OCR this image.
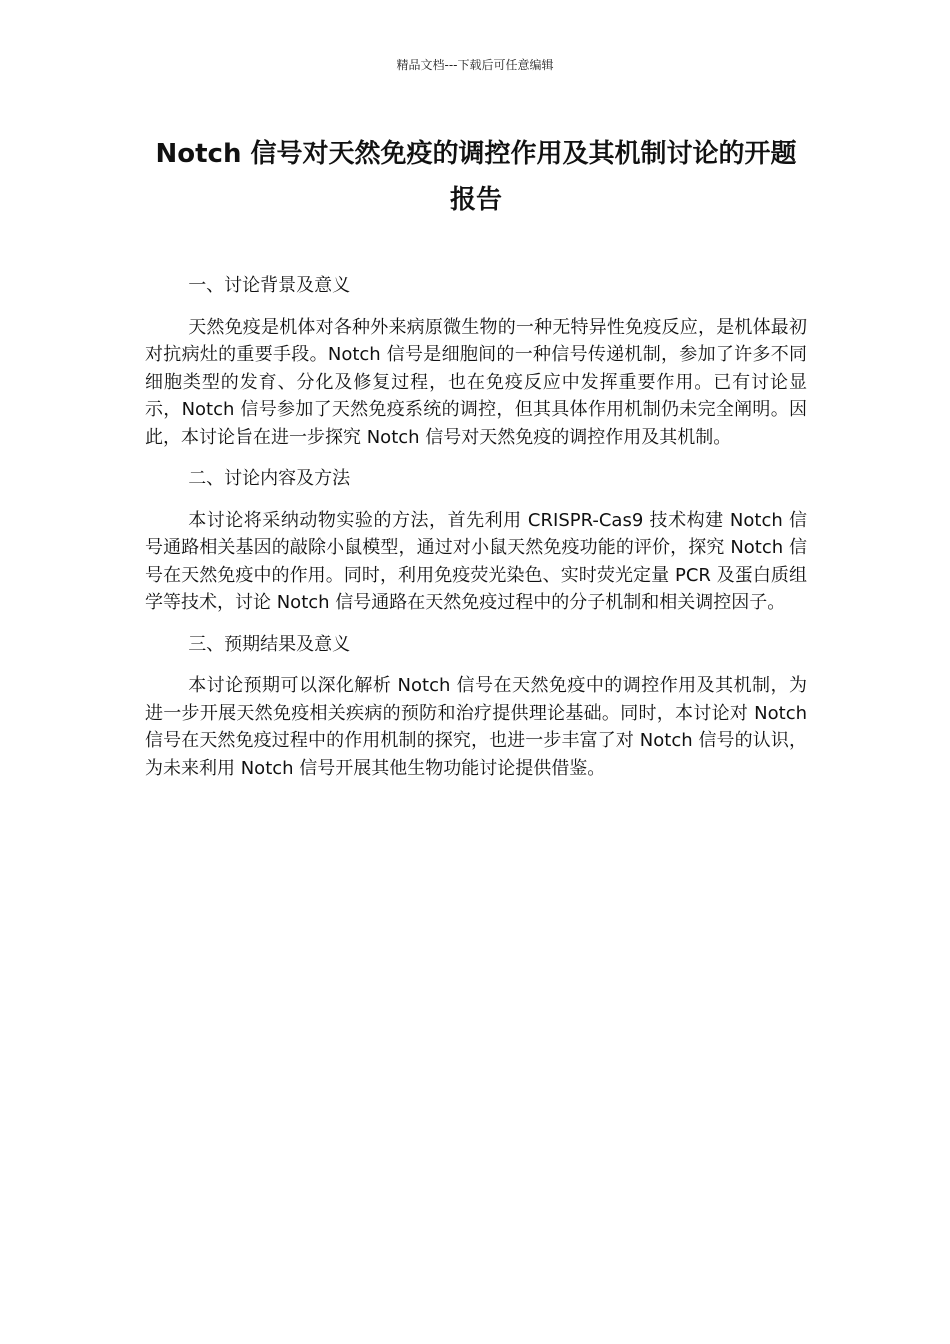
精品文档---下载后可任意编辑
Notch 信号对天然免疫的调控作用及其机制讨论的开题报告

一、讨论背景及意义

天然免疫是机体对各种外来病原微生物的一种无特异性免疫反应，是机体最初对抗病灶的重要手段。Notch 信号是细胞间的一种信号传递机制，参加了许多不同细胞类型的发育、分化及修复过程，也在免疫反应中发挥重要作用。已有讨论显示，Notch 信号参加了天然免疫系统的调控，但其具体作用机制仍未完全阐明。因此，本讨论旨在进一步探究 Notch 信号对天然免疫的调控作用及其机制。

二、讨论内容及方法

本讨论将采纳动物实验的方法，首先利用 CRISPR-Cas9 技术构建 Notch 信号通路相关基因的敲除小鼠模型，通过对小鼠天然免疫功能的评价，探究 Notch 信号在天然免疫中的作用。同时，利用免疫荧光染色、实时荧光定量 PCR 及蛋白质组学等技术，讨论 Notch 信号通路在天然免疫过程中的分子机制和相关调控因子。

三、预期结果及意义

本讨论预期可以深化解析 Notch 信号在天然免疫中的调控作用及其机制，为进一步开展天然免疫相关疾病的预防和治疗提供理论基础。同时，本讨论对 Notch 信号在天然免疫过程中的作用机制的探究，也进一步丰富了对 Notch 信号的认识，为未来利用 Notch 信号开展其他生物功能讨论提供借鉴。
